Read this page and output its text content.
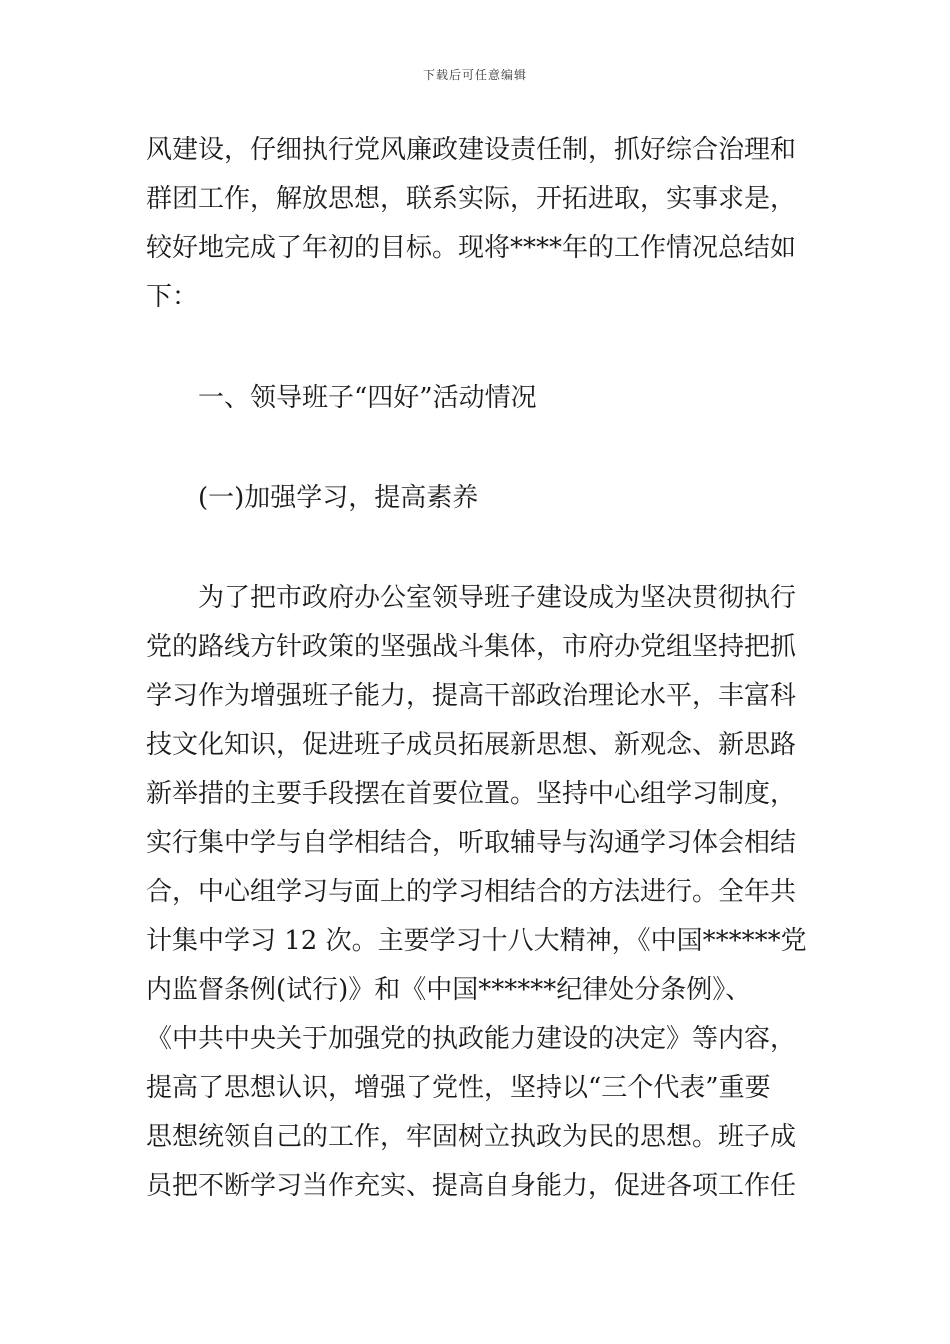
下载后可任意编辑
风建设，仔细执行党风廉政建设责任制，抓好综合治理和
群团工作，解放思想，联系实际，开拓进取，实事求是，
较好地完成了年初的目标。现将****年的工作情况总结如
下：
一、领导班子“四好”活动情况
(一)加强学习，提高素养
为了把市政府办公室领导班子建设成为坚决贯彻执行
党的路线方针政策的坚强战斗集体，市府办党组坚持把抓
学习作为增强班子能力，提高干部政治理论水平，丰富科
技文化知识，促进班子成员拓展新思想、新观念、新思路
新举措的主要手段摆在首要位置。坚持中心组学习制度，
实行集中学与自学相结合，听取辅导与沟通学习体会相结
合，中心组学习与面上的学习相结合的方法进行。全年共
计集中学习 12 次。主要学习十八大精神，《中国******党
内监督条例(试行)》和《中国******纪律处分条例》、
《中共中央关于加强党的执政能力建设的决定》等内容，
提高了思想认识，增强了党性，坚持以“三个代表”重要
思想统领自己的工作，牢固树立执政为民的思想。班子成
员把不断学习当作充实、提高自身能力，促进各项工作任
